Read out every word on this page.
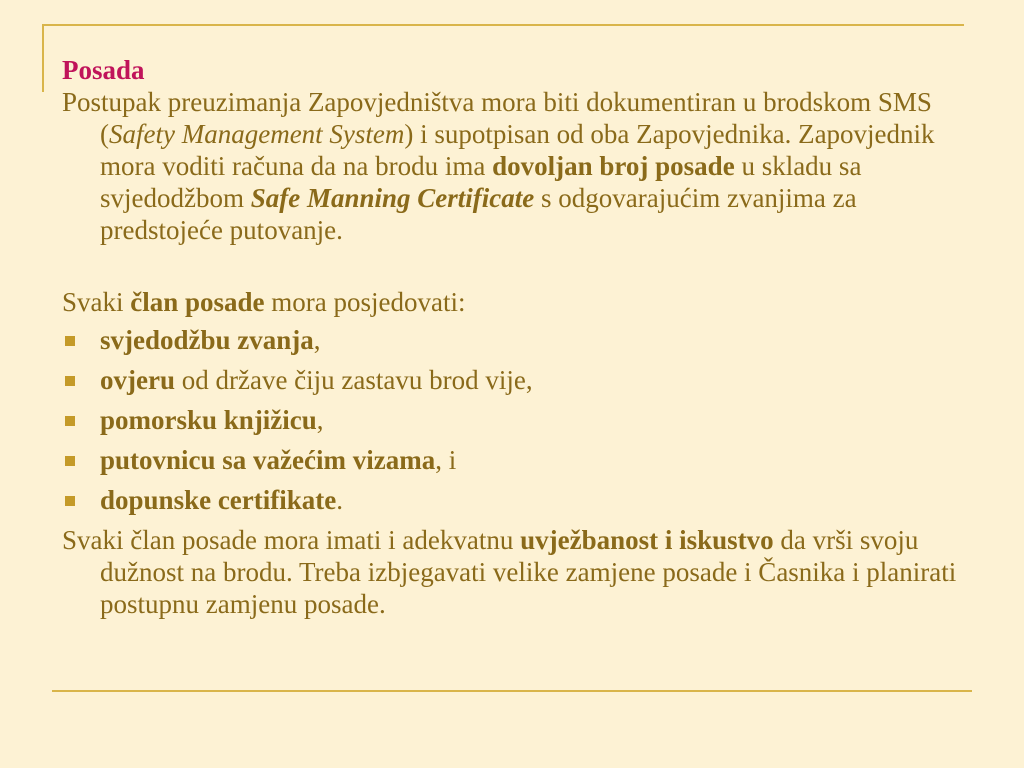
Posada

Postupak preuzimanja Zapovjedništva mora biti dokumentiran u brodskom SMS (Safety Management System) i supotpisan od oba Zapovjednika. Zapovjednik mora voditi računa da na brodu ima dovoljan broj posade u skladu sa svjedodžbom Safe Manning Certificate s odgovarajućim zvanjima za predstojeće putovanje.

Svaki član posade mora posjedovati:

svjedodžbu zvanja,
ovjeru od države čiju zastavu brod vije,
pomorsku knjižicu,
putovnicu sa važećim vizama, i
dopunske certifikate.

Svaki član posade mora imati i adekvatnu uvježbanost i iskustvo da vrši svoju dužnost na brodu. Treba izbjegavati velike zamjene posade i Časnika i planirati postupnu zamjenu posade.
